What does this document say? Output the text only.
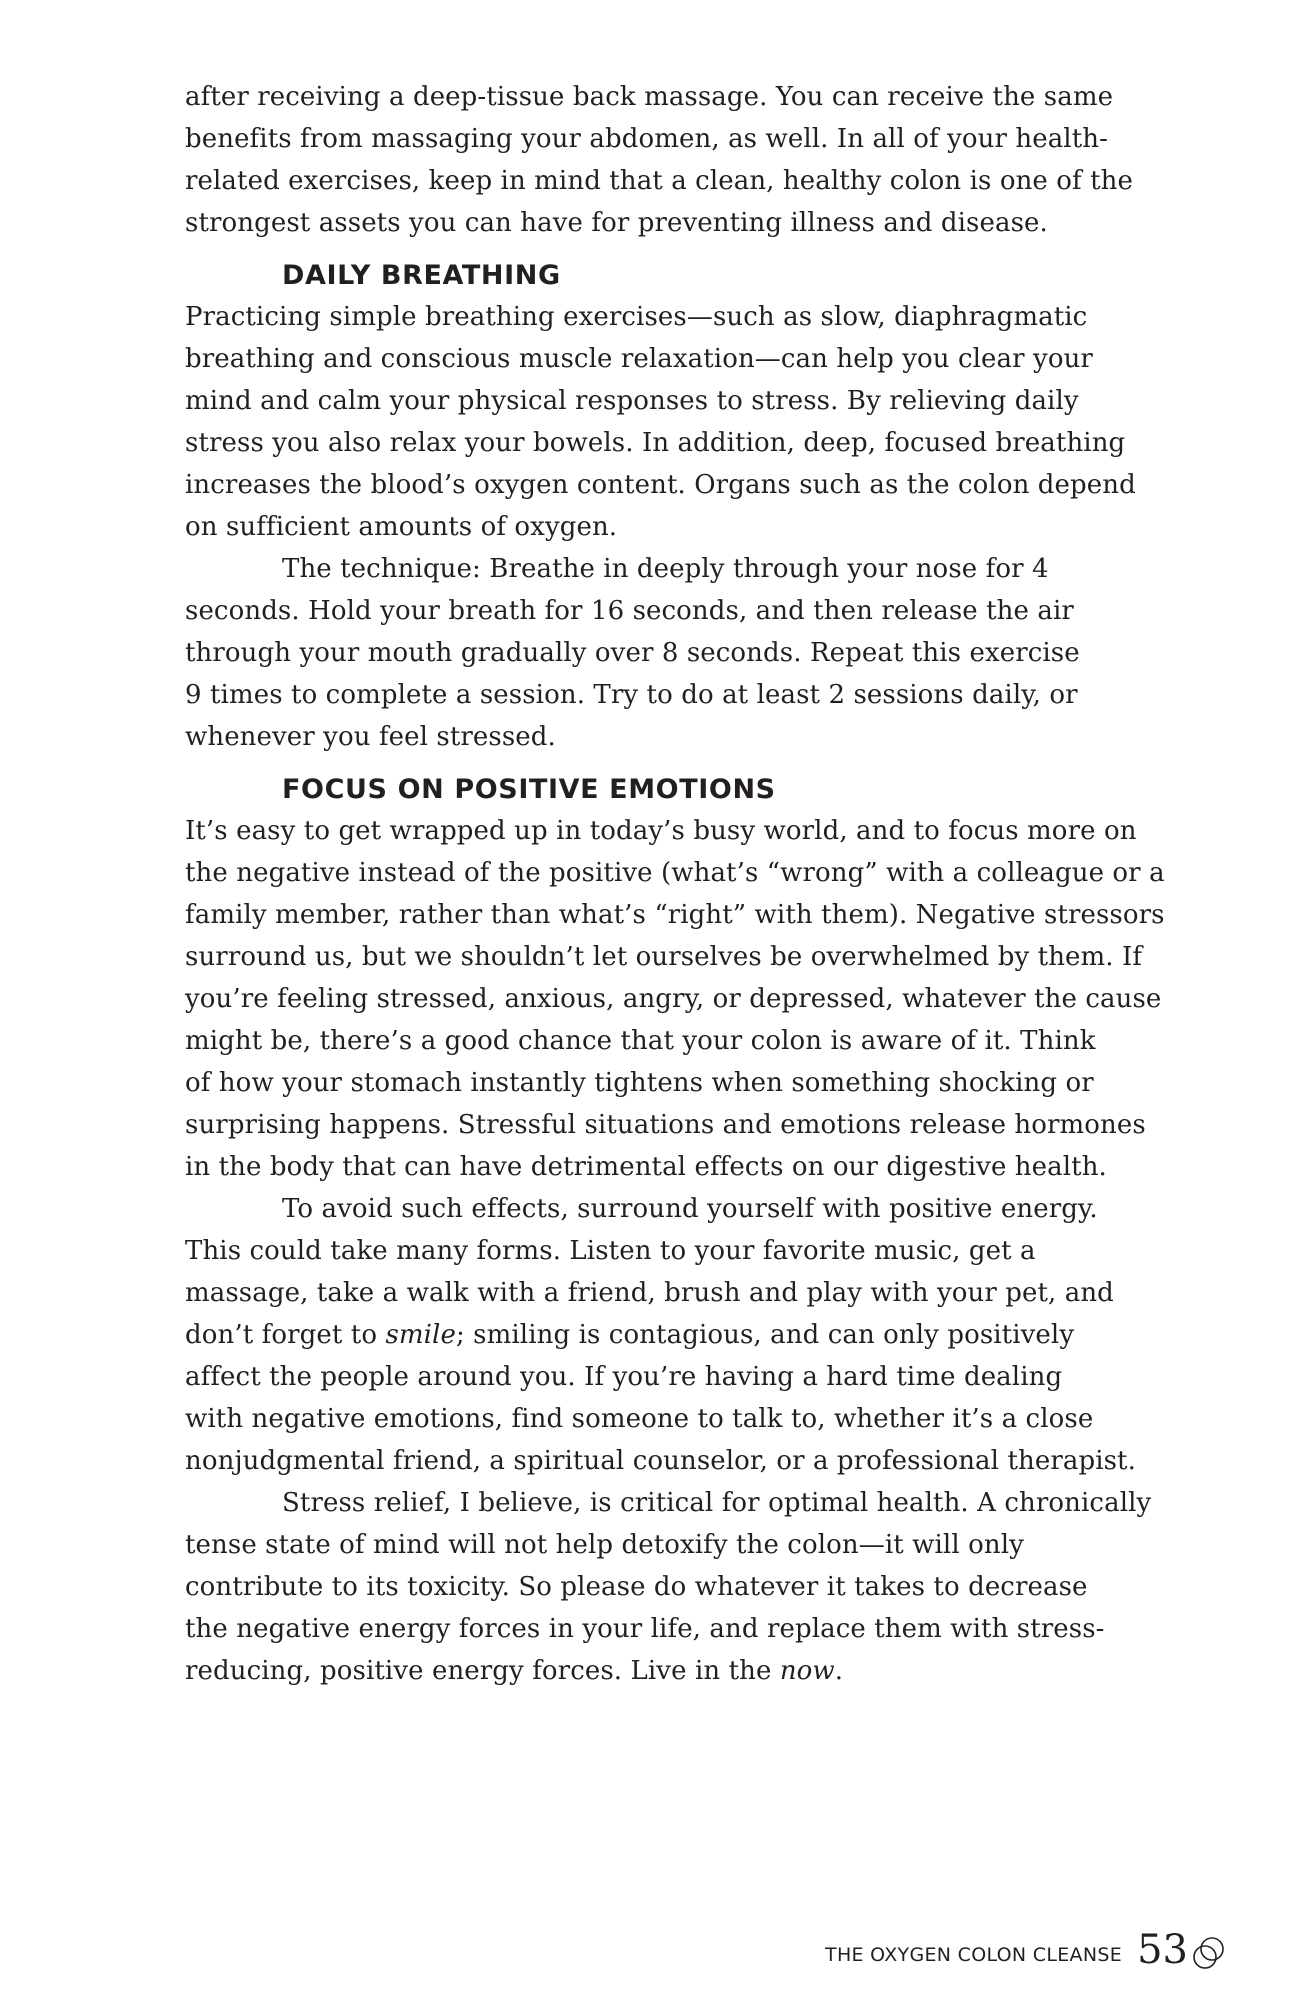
after receiving a deep-tissue back massage. You can receive the same
benefits from massaging your abdomen, as well. In all of your health-
related exercises, keep in mind that a clean, healthy colon is one of the
strongest assets you can have for preventing illness and disease.

DAILY BREATHING

Practicing simple breathing exercises—such as slow, diaphragmatic
breathing and conscious muscle relaxation—can help you clear your
mind and calm your physical responses to stress. By relieving daily
stress you also relax your bowels. In addition, deep, focused breathing
increases the blood’s oxygen content. Organs such as the colon depend
on sufficient amounts of oxygen.

The technique: Breathe in deeply through your nose for 4
seconds. Hold your breath for 16 seconds, and then release the air
through your mouth gradually over 8 seconds. Repeat this exercise
9 times to complete a session. Try to do at least 2 sessions daily, or
whenever you feel stressed.

FOCUS ON POSITIVE EMOTIONS

It’s easy to get wrapped up in today’s busy world, and to focus more on
the negative instead of the positive (what’s “wrong” with a colleague or a
family member, rather than what’s “right” with them). Negative stressors
surround us, but we shouldn’t let ourselves be overwhelmed by them. If
you’re feeling stressed, anxious, angry, or depressed, whatever the cause
might be, there’s a good chance that your colon is aware of it. Think
of how your stomach instantly tightens when something shocking or
surprising happens. Stressful situations and emotions release hormones
in the body that can have detrimental effects on our digestive health.

To avoid such effects, surround yourself with positive energy.
This could take many forms. Listen to your favorite music, get a
massage, take a walk with a friend, brush and play with your pet, and
don’t forget to smile; smiling is contagious, and can only positively
affect the people around you. If you’re having a hard time dealing
with negative emotions, find someone to talk to, whether it’s a close
nonjudgmental friend, a spiritual counselor, or a professional therapist.

Stress relief, I believe, is critical for optimal health. A chronically
tense state of mind will not help detoxify the colon—it will only
contribute to its toxicity. So please do whatever it takes to decrease
the negative energy forces in your life, and replace them with stress-
reducing, positive energy forces. Live in the now.

THE OXYGEN COLON CLEANSE 53
